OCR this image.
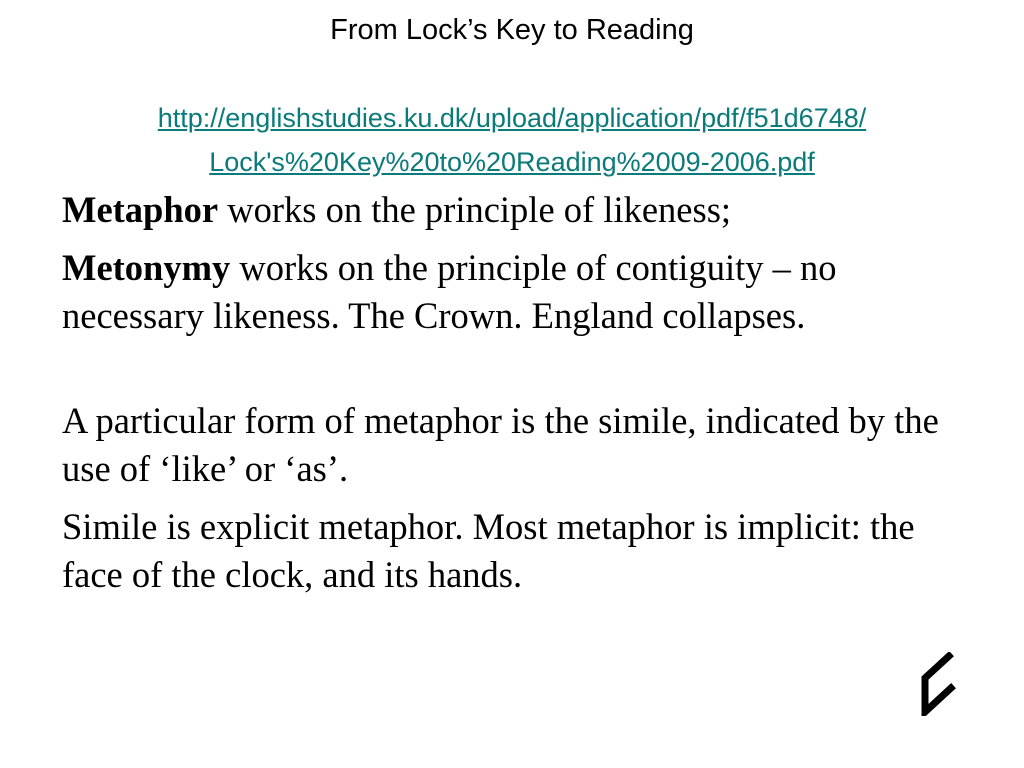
From Lock’s Key to Reading
http://englishstudies.ku.dk/upload/application/pdf/f51d6748/
Lock's%20Key%20to%20Reading%2009-2006.pdf

Metaphor works on the principle of likeness;

Metonymy works on the principle of contiguity – no necessary likeness. The Crown. England collapses.

A particular form of metaphor is the simile, indicated by the use of ‘like’ or ‘as’.

Simile is explicit metaphor. Most metaphor is implicit: the face of the clock, and its hands.
